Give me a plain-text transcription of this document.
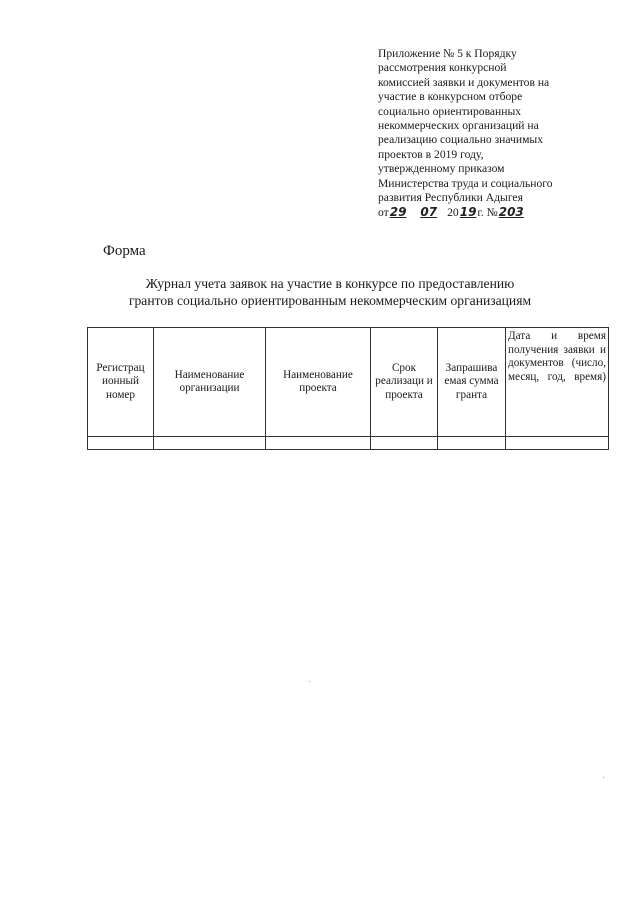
Приложение № 5 к Порядку
рассмотрения конкурсной
комиссией заявки и документов на
участие в конкурсном отборе
социально ориентированных
некоммерческих организаций на
реализацию социально значимых
проектов в 2019 году,
утвержденному приказом
Министерства труда и социального
развития Республики Адыгея
от29 07 2019г. №203
Форма
Журнал учета заявок на участие в конкурсе по предоставлению
грантов социально ориентированным некоммерческим организациям
Регистрац ионный номер	Наименование организации	Наименование проекта	Срок реализаци и проекта	Запрашива емая сумма гранта	Дата и время получения заявки и документов (число, месяц, год, время)
